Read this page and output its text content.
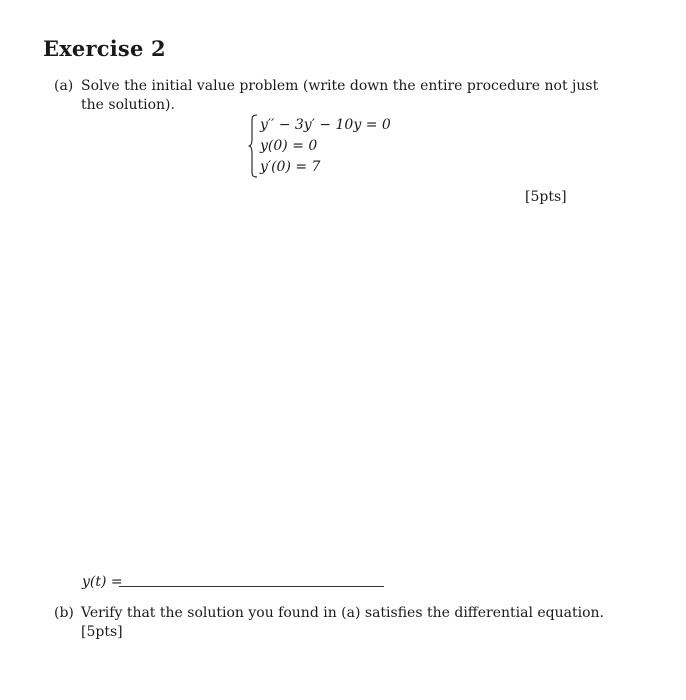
Exercise 2
(a) Solve the initial value problem (write down the entire procedure not just
the solution).
y′′ − 3y′ − 10y = 0
y(0) = 0
y′(0) = 7
[5pts]
y(t) =
(b) Verify that the solution you found in (a) satisfies the differential equation.
[5pts]
